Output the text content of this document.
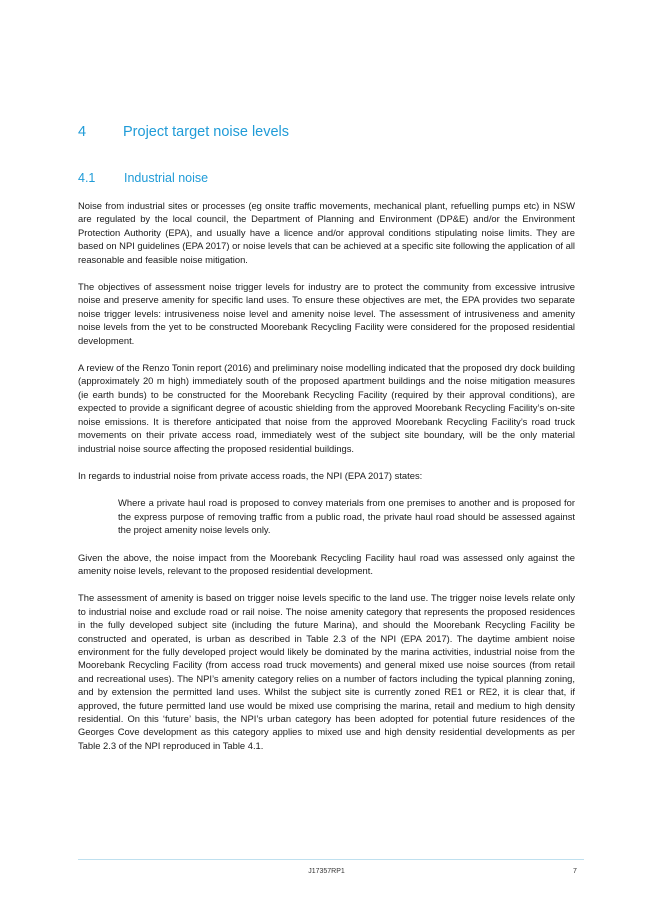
4	Project target noise levels
4.1 Industrial noise

Noise from industrial sites or processes (eg onsite traffic movements, mechanical plant, refuelling pumps etc) in NSW are regulated by the local council, the Department of Planning and Environment (DP&E) and/or the Environment Protection Authority (EPA), and usually have a licence and/or approval conditions stipulating noise limits. They are based on NPI guidelines (EPA 2017) or noise levels that can be achieved at a specific site following the application of all reasonable and feasible noise mitigation.

The objectives of assessment noise trigger levels for industry are to protect the community from excessive intrusive noise and preserve amenity for specific land uses. To ensure these objectives are met, the EPA provides two separate noise trigger levels: intrusiveness noise level and amenity noise level. The assessment of intrusiveness and amenity noise levels from the yet to be constructed Moorebank Recycling Facility were considered for the proposed residential development.

A review of the Renzo Tonin report (2016) and preliminary noise modelling indicated that the proposed dry dock building (approximately 20 m high) immediately south of the proposed apartment buildings and the noise mitigation measures (ie earth bunds) to be constructed for the Moorebank Recycling Facility (required by their approval conditions), are expected to provide a significant degree of acoustic shielding from the approved Moorebank Recycling Facility’s on-site noise emissions. It is therefore anticipated that noise from the approved Moorebank Recycling Facility’s road truck movements on their private access road, immediately west of the subject site boundary, will be the only material industrial noise source affecting the proposed residential buildings.

In regards to industrial noise from private access roads, the NPI (EPA 2017) states:

Where a private haul road is proposed to convey materials from one premises to another and is proposed for the express purpose of removing traffic from a public road, the private haul road should be assessed against the project amenity noise levels only.

Given the above, the noise impact from the Moorebank Recycling Facility haul road was assessed only against the amenity noise levels, relevant to the proposed residential development.

The assessment of amenity is based on trigger noise levels specific to the land use. The trigger noise levels relate only to industrial noise and exclude road or rail noise. The noise amenity category that represents the proposed residences in the fully developed subject site (including the future Marina), and should the Moorebank Recycling Facility be constructed and operated, is urban as described in Table 2.3 of the NPI (EPA 2017). The daytime ambient noise environment for the fully developed project would likely be dominated by the marina activities, industrial noise from the Moorebank Recycling Facility (from access road truck movements) and general mixed use noise sources (from retail and recreational uses). The NPI’s amenity category relies on a number of factors including the typical planning zoning, and by extension the permitted land uses. Whilst the subject site is currently zoned RE1 or RE2, it is clear that, if approved, the future permitted land use would be mixed use comprising the marina, retail and medium to high density residential. On this ‘future’ basis, the NPI’s urban category has been adopted for potential future residences of the Georges Cove development as this category applies to mixed use and high density residential developments as per Table 2.3 of the NPI reproduced in Table 4.1.

J17357RP1	7
